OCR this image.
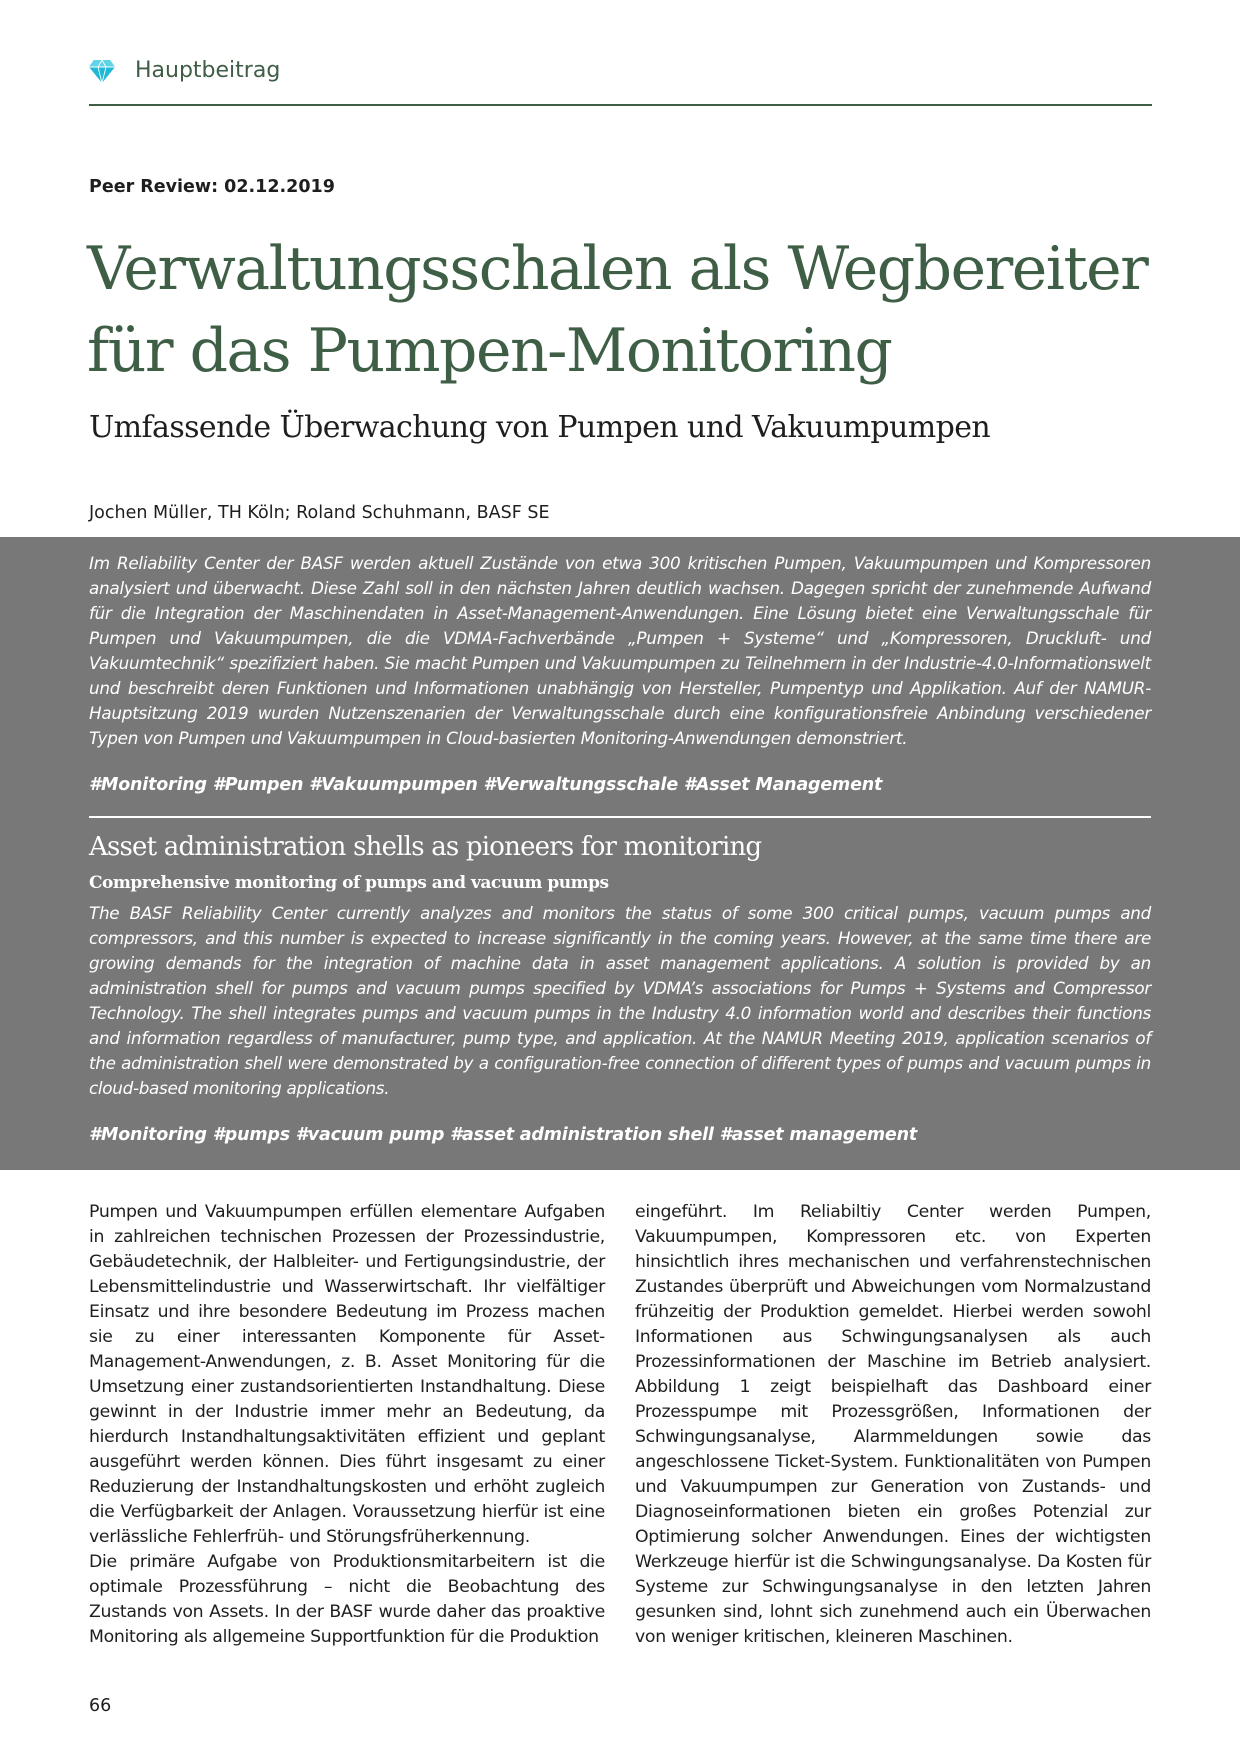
Hauptbeitrag
Peer Review: 02.12.2019
Verwaltungsschalen als Wegbereiter
für das Pumpen-Monitoring
Umfassende Überwachung von Pumpen und Vakuumpumpen
Jochen Müller, TH Köln; Roland Schuhmann, BASF SE

Im Reliability Center der BASF werden aktuell Zustände von etwa 300 kritischen Pumpen, Vakuumpumpen und Kompressoren analysiert und überwacht. Diese Zahl soll in den nächsten Jahren deutlich wachsen. Dagegen spricht der zunehmende Aufwand für die Integration der Maschinendaten in Asset-Management-Anwendungen. Eine Lösung bietet eine Verwaltungsschale für Pumpen und Vakuumpumpen, die die VDMA-Fachverbände „Pumpen + Systeme“ und „Kompressoren, Druckluft- und Vakuumtechnik“ spezifiziert haben. Sie macht Pumpen und Vakuumpumpen zu Teilnehmern in der Industrie-4.0-Informationswelt und beschreibt deren Funktionen und Informationen unabhängig von Hersteller, Pumpentyp und Applikation. Auf der NAMUR-Hauptsitzung 2019 wurden Nutzenszenarien der Verwaltungsschale durch eine konfigurationsfreie Anbindung verschiedener Typen von Pumpen und Vakuumpumpen in Cloud-basierten Monitoring-Anwendungen demonstriert.

#Monitoring #Pumpen #Vakuumpumpen #Verwaltungsschale #Asset Management
Asset administration shells as pioneers for monitoring
Comprehensive monitoring of pumps and vacuum pumps

The BASF Reliability Center currently analyzes and monitors the status of some 300 critical pumps, vacuum pumps and compressors, and this number is expected to increase significantly in the coming years. However, at the same time there are growing demands for the integration of machine data in asset management applications. A solution is provided by an administration shell for pumps and vacuum pumps specified by VDMA’s associations for Pumps + Systems and Compressor Technology. The shell integrates pumps and vacuum pumps in the Industry 4.0 information world and describes their functions and information regardless of manufacturer, pump type, and application. At the NAMUR Meeting 2019, application scenarios of the administration shell were demonstrated by a configuration-free connection of different types of pumps and vacuum pumps in cloud-based monitoring applications.

#Monitoring #pumps #vacuum pump #asset administration shell #asset management

Pumpen und Vakuumpumpen erfüllen elementare Aufgaben in zahlreichen technischen Prozessen der Prozessindustrie, Gebäudetechnik, der Halbleiter- und Fertigungsindustrie, der Lebensmittelindustrie und Wasserwirtschaft. Ihr vielfältiger Einsatz und ihre besondere Bedeutung im Prozess machen sie zu einer interessanten Komponente für Asset-Management-Anwendungen, z. B. Asset Monitoring für die Umsetzung einer zustandsorientierten Instandhaltung. Diese gewinnt in der Industrie immer mehr an Bedeutung, da hierdurch Instandhaltungsaktivitäten effizient und geplant ausgeführt werden können. Dies führt insgesamt zu einer Reduzierung der Instandhaltungskosten und erhöht zugleich die Verfügbarkeit der Anlagen. Voraussetzung hierfür ist eine verlässliche Fehlerfrüh- und Störungsfrüherkennung.

Die primäre Aufgabe von Produktionsmitarbeitern ist die optimale Prozessführung – nicht die Beobachtung des Zustands von Assets. In der BASF wurde daher das proaktive Monitoring als allgemeine Supportfunktion für die Produktion

eingeführt. Im Reliabiltiy Center werden Pumpen, Vakuumpumpen, Kompressoren etc. von Experten hinsichtlich ihres mechanischen und verfahrenstechnischen Zustandes überprüft und Abweichungen vom Normalzustand frühzeitig der Produktion gemeldet. Hierbei werden sowohl Informationen aus Schwingungsanalysen als auch Prozessinformationen der Maschine im Betrieb analysiert. Abbildung 1 zeigt beispielhaft das Dashboard einer Prozesspumpe mit Prozessgrößen, Informationen der Schwingungsanalyse, Alarmmeldungen sowie das angeschlossene Ticket-System. Funktionalitäten von Pumpen und Vakuumpumpen zur Generation von Zustands- und Diagnoseinformationen bieten ein großes Potenzial zur Optimierung solcher Anwendungen. Eines der wichtigsten Werkzeuge hierfür ist die Schwingungsanalyse. Da Kosten für Systeme zur Schwingungsanalyse in den letzten Jahren gesunken sind, lohnt sich zunehmend auch ein Überwachen von weniger kritischen, kleineren Maschinen.

66
